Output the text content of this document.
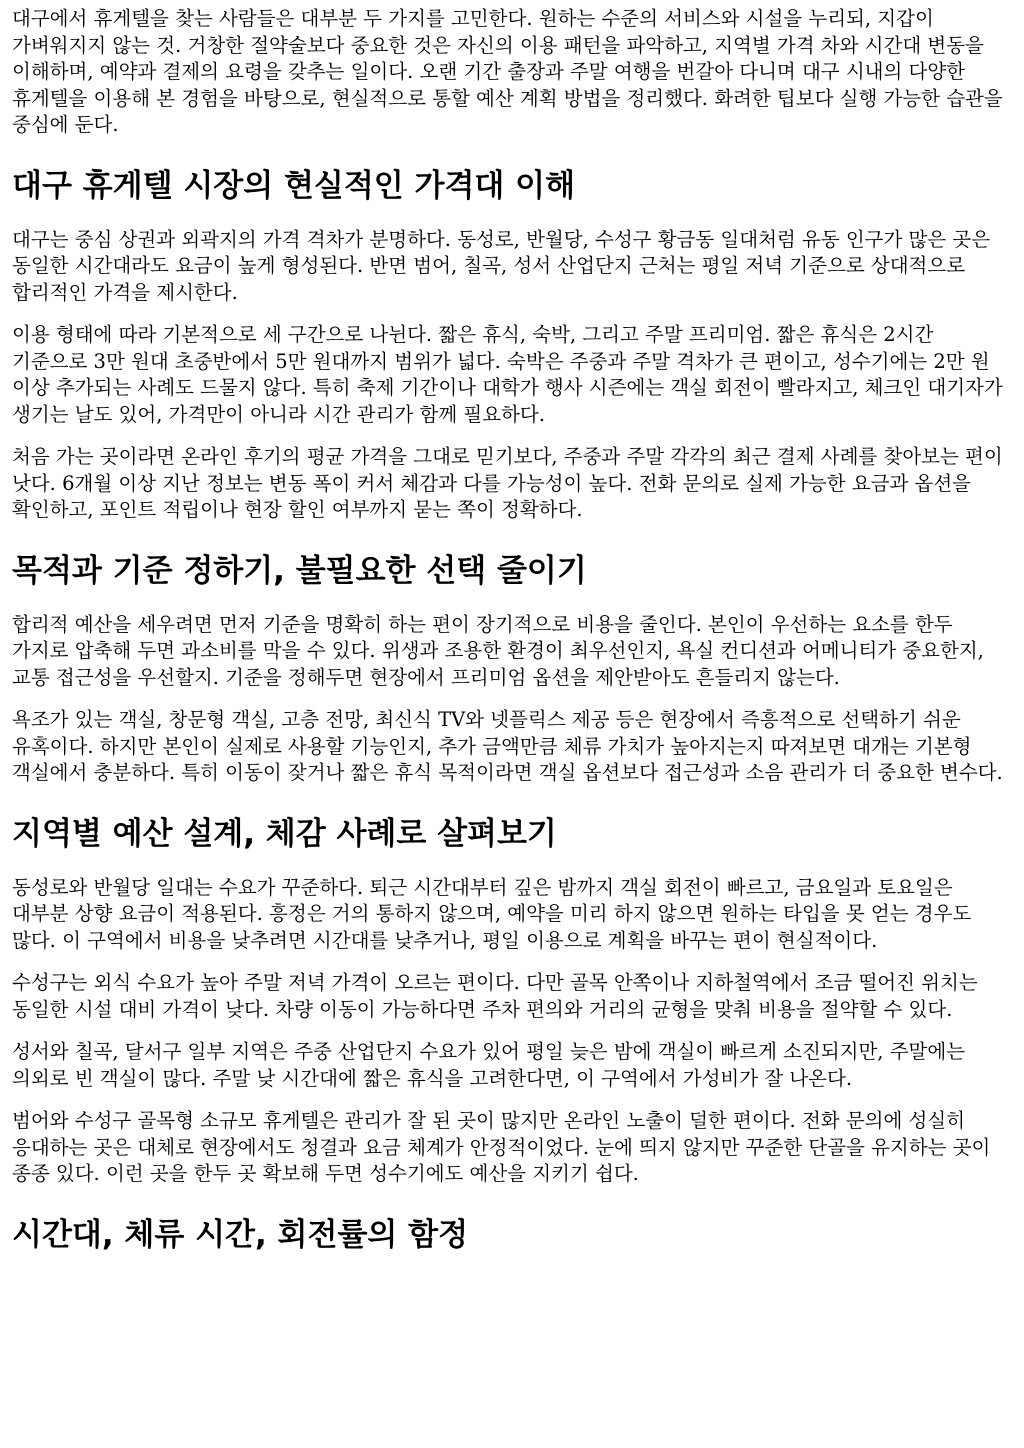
대구에서 휴게텔을 찾는 사람들은 대부분 두 가지를 고민한다. 원하는 수준의 서비스와 시설을 누리되, 지갑이 가벼워지지 않는 것. 거창한 절약술보다 중요한 것은 자신의 이용 패턴을 파악하고, 지역별 가격 차와 시간대 변동을 이해하며, 예약과 결제의 요령을 갖추는 일이다. 오랜 기간 출장과 주말 여행을 번갈아 다니며 대구 시내의 다양한 휴게텔을 이용해 본 경험을 바탕으로, 현실적으로 통할 예산 계획 방법을 정리했다. 화려한 팁보다 실행 가능한 습관을 중심에 둔다.

대구 휴게텔 시장의 현실적인 가격대 이해

대구는 중심 상권과 외곽지의 가격 격차가 분명하다. 동성로, 반월당, 수성구 황금동 일대처럼 유동 인구가 많은 곳은 동일한 시간대라도 요금이 높게 형성된다. 반면 범어, 칠곡, 성서 산업단지 근처는 평일 저녁 기준으로 상대적으로 합리적인 가격을 제시한다.

이용 형태에 따라 기본적으로 세 구간으로 나뉜다. 짧은 휴식, 숙박, 그리고 주말 프리미엄. 짧은 휴식은 2시간 기준으로 3만 원대 초중반에서 5만 원대까지 범위가 넓다. 숙박은 주중과 주말 격차가 큰 편이고, 성수기에는 2만 원 이상 추가되는 사례도 드물지 않다. 특히 축제 기간이나 대학가 행사 시즌에는 객실 회전이 빨라지고, 체크인 대기자가 생기는 날도 있어, 가격만이 아니라 시간 관리가 함께 필요하다.

처음 가는 곳이라면 온라인 후기의 평균 가격을 그대로 믿기보다, 주중과 주말 각각의 최근 결제 사례를 찾아보는 편이 낫다. 6개월 이상 지난 정보는 변동 폭이 커서 체감과 다를 가능성이 높다. 전화 문의로 실제 가능한 요금과 옵션을 확인하고, 포인트 적립이나 현장 할인 여부까지 묻는 쪽이 정확하다.

목적과 기준 정하기, 불필요한 선택 줄이기

합리적 예산을 세우려면 먼저 기준을 명확히 하는 편이 장기적으로 비용을 줄인다. 본인이 우선하는 요소를 한두 가지로 압축해 두면 과소비를 막을 수 있다. 위생과 조용한 환경이 최우선인지, 욕실 컨디션과 어메니티가 중요한지, 교통 접근성을 우선할지. 기준을 정해두면 현장에서 프리미엄 옵션을 제안받아도 흔들리지 않는다.

욕조가 있는 객실, 창문형 객실, 고층 전망, 최신식 TV와 넷플릭스 제공 등은 현장에서 즉흥적으로 선택하기 쉬운 유혹이다. 하지만 본인이 실제로 사용할 기능인지, 추가 금액만큼 체류 가치가 높아지는지 따져보면 대개는 기본형 객실에서 충분하다. 특히 이동이 잦거나 짧은 휴식 목적이라면 객실 옵션보다 접근성과 소음 관리가 더 중요한 변수다.

지역별 예산 설계, 체감 사례로 살펴보기

동성로와 반월당 일대는 수요가 꾸준하다. 퇴근 시간대부터 깊은 밤까지 객실 회전이 빠르고, 금요일과 토요일은 대부분 상향 요금이 적용된다. 흥정은 거의 통하지 않으며, 예약을 미리 하지 않으면 원하는 타입을 못 얻는 경우도 많다. 이 구역에서 비용을 낮추려면 시간대를 낮추거나, 평일 이용으로 계획을 바꾸는 편이 현실적이다.

수성구는 외식 수요가 높아 주말 저녁 가격이 오르는 편이다. 다만 골목 안쪽이나 지하철역에서 조금 떨어진 위치는 동일한 시설 대비 가격이 낮다. 차량 이동이 가능하다면 주차 편의와 거리의 균형을 맞춰 비용을 절약할 수 있다.

성서와 칠곡, 달서구 일부 지역은 주중 산업단지 수요가 있어 평일 늦은 밤에 객실이 빠르게 소진되지만, 주말에는 의외로 빈 객실이 많다. 주말 낮 시간대에 짧은 휴식을 고려한다면, 이 구역에서 가성비가 잘 나온다.

범어와 수성구 골목형 소규모 휴게텔은 관리가 잘 된 곳이 많지만 온라인 노출이 덜한 편이다. 전화 문의에 성실히 응대하는 곳은 대체로 현장에서도 청결과 요금 체계가 안정적이었다. 눈에 띄지 않지만 꾸준한 단골을 유지하는 곳이 종종 있다. 이런 곳을 한두 곳 확보해 두면 성수기에도 예산을 지키기 쉽다.

시간대, 체류 시간, 회전률의 함정
